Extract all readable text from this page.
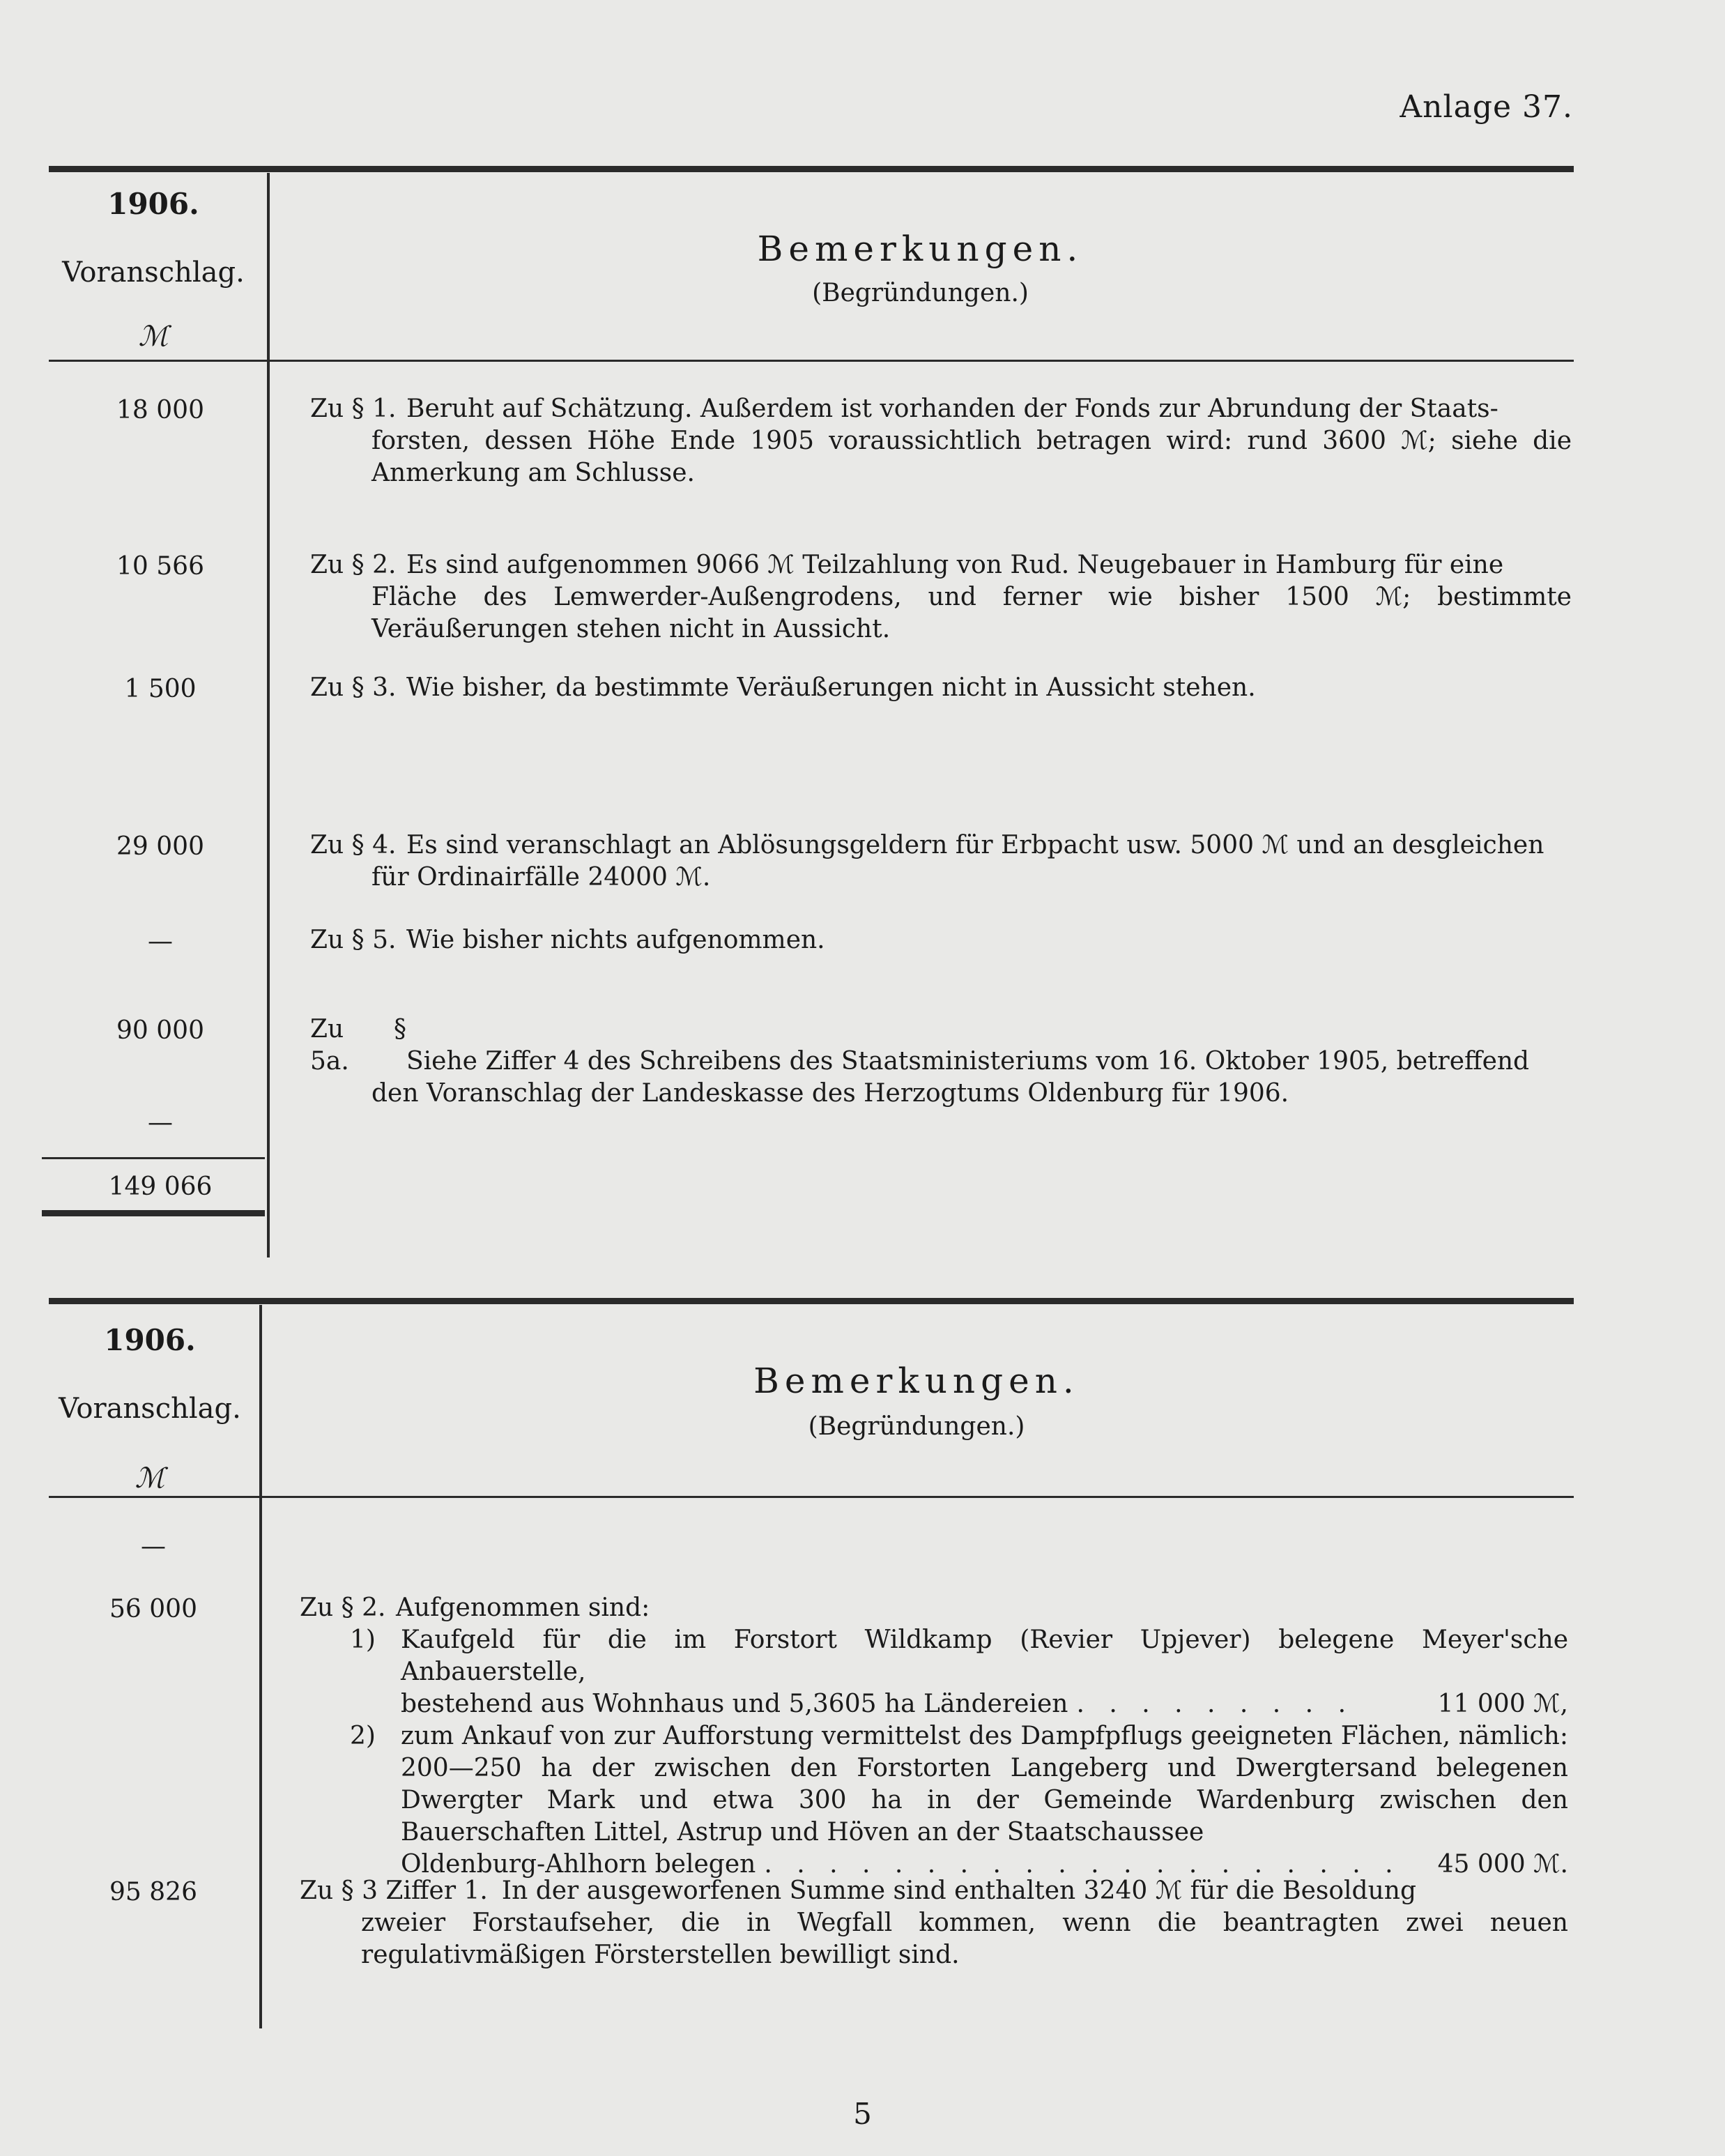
Anlage 37.
1906.
Voranschlag.
ℳ
Bemerkungen.
(Begründungen.)
18 000	Zu § 1. Beruht auf Schätzung. Außerdem ist vorhanden der Fonds zur Abrundung der Staats-
forsten, dessen Höhe Ende 1905 voraussichtlich betragen wird: rund 3600 ℳ; siehe die Anmerkung am Schlusse.
10 566	Zu § 2. Es sind aufgenommen 9066 ℳ Teilzahlung von Rud. Neugebauer in Hamburg für eine
Fläche des Lemwerder-Außengrodens, und ferner wie bisher 1500 ℳ; bestimmte Veräußerungen stehen nicht in Aussicht.
1 500	Zu § 3. Wie bisher, da bestimmte Veräußerungen nicht in Aussicht stehen.
29 000	Zu § 4. Es sind veranschlagt an Ablösungsgeldern für Erbpacht usw. 5000 ℳ und an desgleichen
für Ordinairfälle 24000 ℳ.
—	Zu § 5. Wie bisher nichts aufgenommen.
90 000	Zu § 5a. Siehe Ziffer 4 des Schreibens des Staatsministeriums vom 16. Oktober 1905, betreffend
den Voranschlag der Landeskasse des Herzogtums Oldenburg für 1906.
—
149 066
1906.
Voranschlag.
ℳ
Bemerkungen.
(Begründungen.)
—
56 000	Zu § 2. Aufgenommen sind:
1) Kaufgeld für die im Forstort Wildkamp (Revier Upjever) belegene Meyer'sche Anbauerstelle,
bestehend aus Wohnhaus und 5,3605 ha Ländereien . . . . . . . . .	11 000 ℳ,
2) zum Ankauf von zur Aufforstung vermittelst des Dampfpflugs geeigneten Flächen, nämlich: 200—250 ha der zwischen den Forstorten Langeberg und Dwergtersand belegenen Dwergter Mark und etwa 300 ha in der Gemeinde Wardenburg zwischen den Bauerschaften Littel, Astrup und Höven an der Staatschaussee
Oldenburg-Ahlhorn belegen . . . . . . . . . . . . . . . . . . . .	45 000 ℳ.
95 826	Zu § 3 Ziffer 1. In der ausgeworfenen Summe sind enthalten 3240 ℳ für die Besoldung
zweier Forstaufseher, die in Wegfall kommen, wenn die beantragten zwei neuen regulativmäßigen Försterstellen bewilligt sind.
5
